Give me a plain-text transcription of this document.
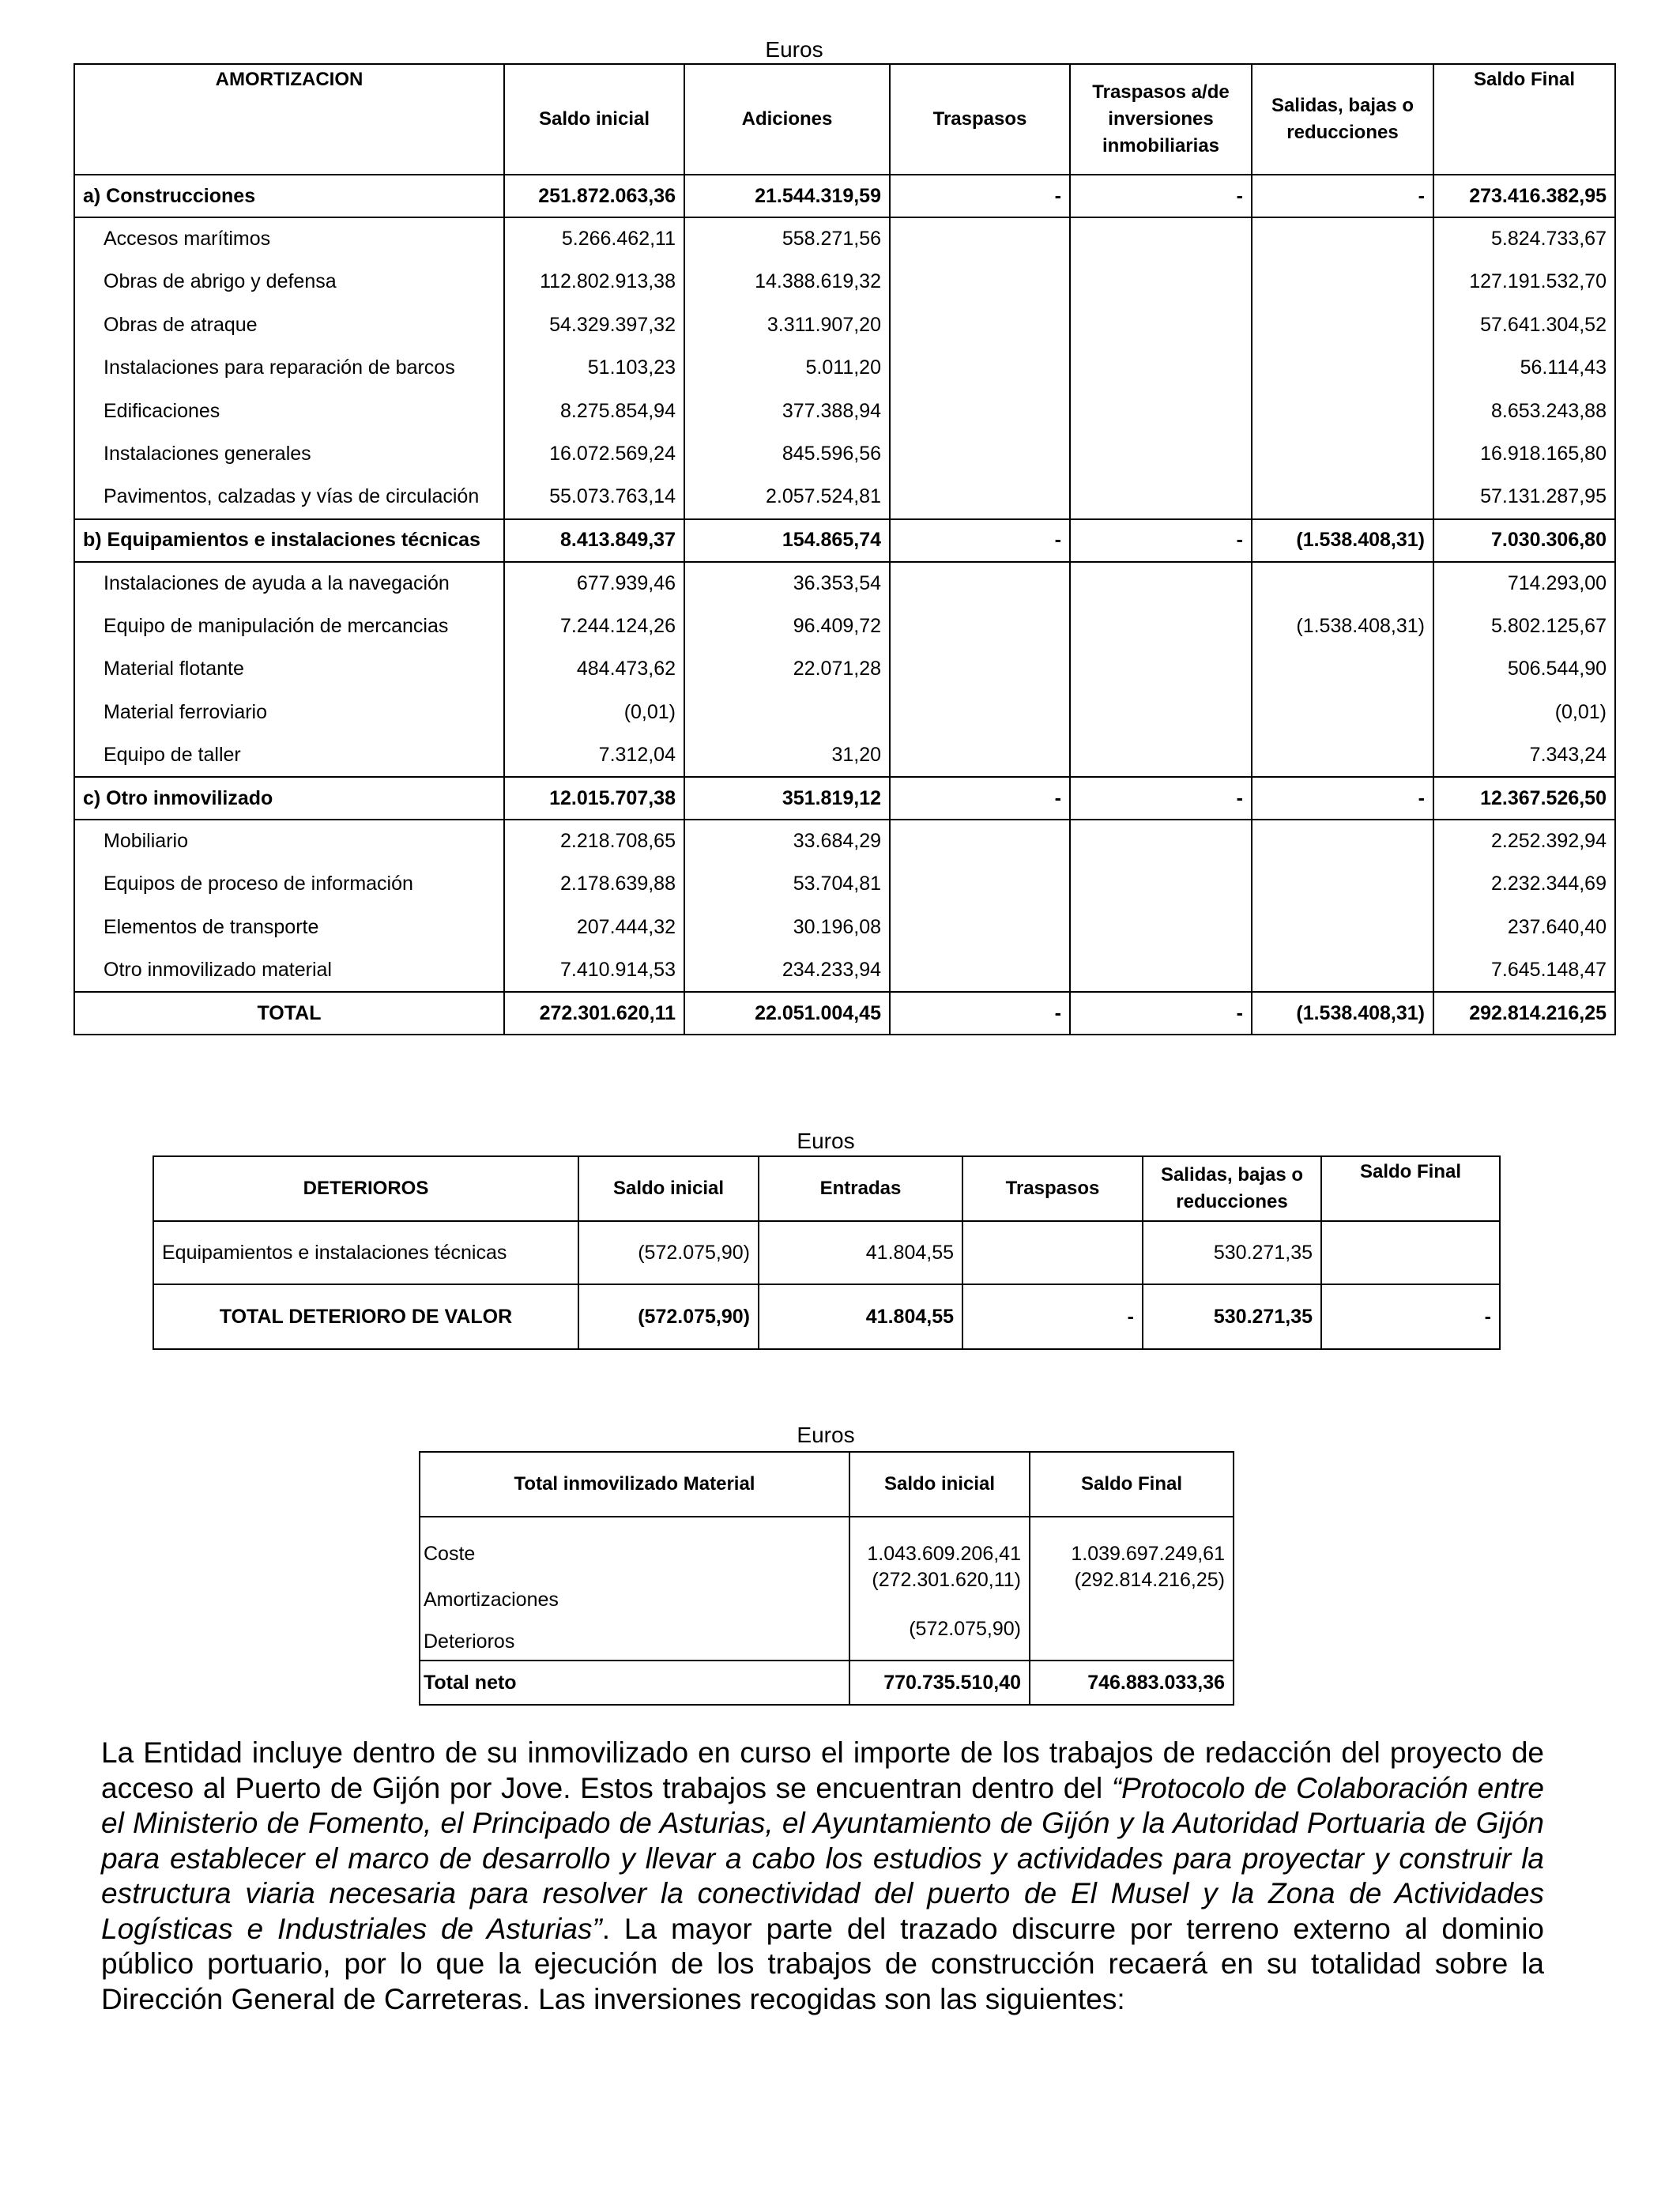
Euros
AMORTIZACION	Saldo inicial	Adiciones	Traspasos	Traspasos a/de inversiones inmobiliarias	Salidas, bajas o reducciones	Saldo Final
a) Construcciones	251.872.063,36	21.544.319,59	-	-	-	273.416.382,95
Accesos marítimos	5.266.462,11	558.271,56				5.824.733,67
Obras de abrigo y defensa	112.802.913,38	14.388.619,32				127.191.532,70
Obras de atraque	54.329.397,32	3.311.907,20				57.641.304,52
Instalaciones para reparación de barcos	51.103,23	5.011,20				56.114,43
Edificaciones	8.275.854,94	377.388,94				8.653.243,88
Instalaciones generales	16.072.569,24	845.596,56				16.918.165,80
Pavimentos, calzadas y vías de circulación	55.073.763,14	2.057.524,81				57.131.287,95
b) Equipamientos e instalaciones técnicas	8.413.849,37	154.865,74	-	-	(1.538.408,31)	7.030.306,80
Instalaciones de ayuda a la navegación	677.939,46	36.353,54				714.293,00
Equipo de manipulación de mercancias	7.244.124,26	96.409,72			(1.538.408,31)	5.802.125,67
Material flotante	484.473,62	22.071,28				506.544,90
Material ferroviario	(0,01)					(0,01)
Equipo de taller	7.312,04	31,20				7.343,24
c) Otro inmovilizado	12.015.707,38	351.819,12	-	-	-	12.367.526,50
Mobiliario	2.218.708,65	33.684,29				2.252.392,94
Equipos de proceso de información	2.178.639,88	53.704,81				2.232.344,69
Elementos de transporte	207.444,32	30.196,08				237.640,40
Otro inmovilizado material	7.410.914,53	234.233,94				7.645.148,47
TOTAL	272.301.620,11	22.051.004,45	-	-	(1.538.408,31)	292.814.216,25
Euros
DETERIOROS	Saldo inicial	Entradas	Traspasos	Salidas, bajas o reducciones	Saldo Final
Equipamientos e instalaciones técnicas	(572.075,90)	41.804,55		530.271,35	
TOTAL DETERIORO DE VALOR	(572.075,90)	41.804,55	-	530.271,35	-
Euros
Total inmovilizado Material	Saldo inicial	Saldo Final
Coste	1.043.609.206,41	1.039.697.249,61
Amortizaciones	(272.301.620,11)	(292.814.216,25)
Deterioros	(572.075,90)	
Total neto	770.735.510,40	746.883.033,36
La Entidad incluye dentro de su inmovilizado en curso el importe de los trabajos de redacción del proyecto de acceso al Puerto de Gijón por Jove. Estos trabajos se encuentran dentro del “Protocolo de Colaboración entre el Ministerio de Fomento, el Principado de Asturias, el Ayuntamiento de Gijón y la Autoridad Portuaria de Gijón para establecer el marco de desarrollo y llevar a cabo los estudios y actividades para proyectar y construir la estructura viaria necesaria para resolver la conectividad del puerto de El Musel y la Zona de Actividades Logísticas e Industriales de Asturias”. La mayor parte del trazado discurre por terreno externo al dominio público portuario, por lo que la ejecución de los trabajos de construcción recaerá en su totalidad sobre la Dirección General de Carreteras. Las inversiones recogidas son las siguientes:
